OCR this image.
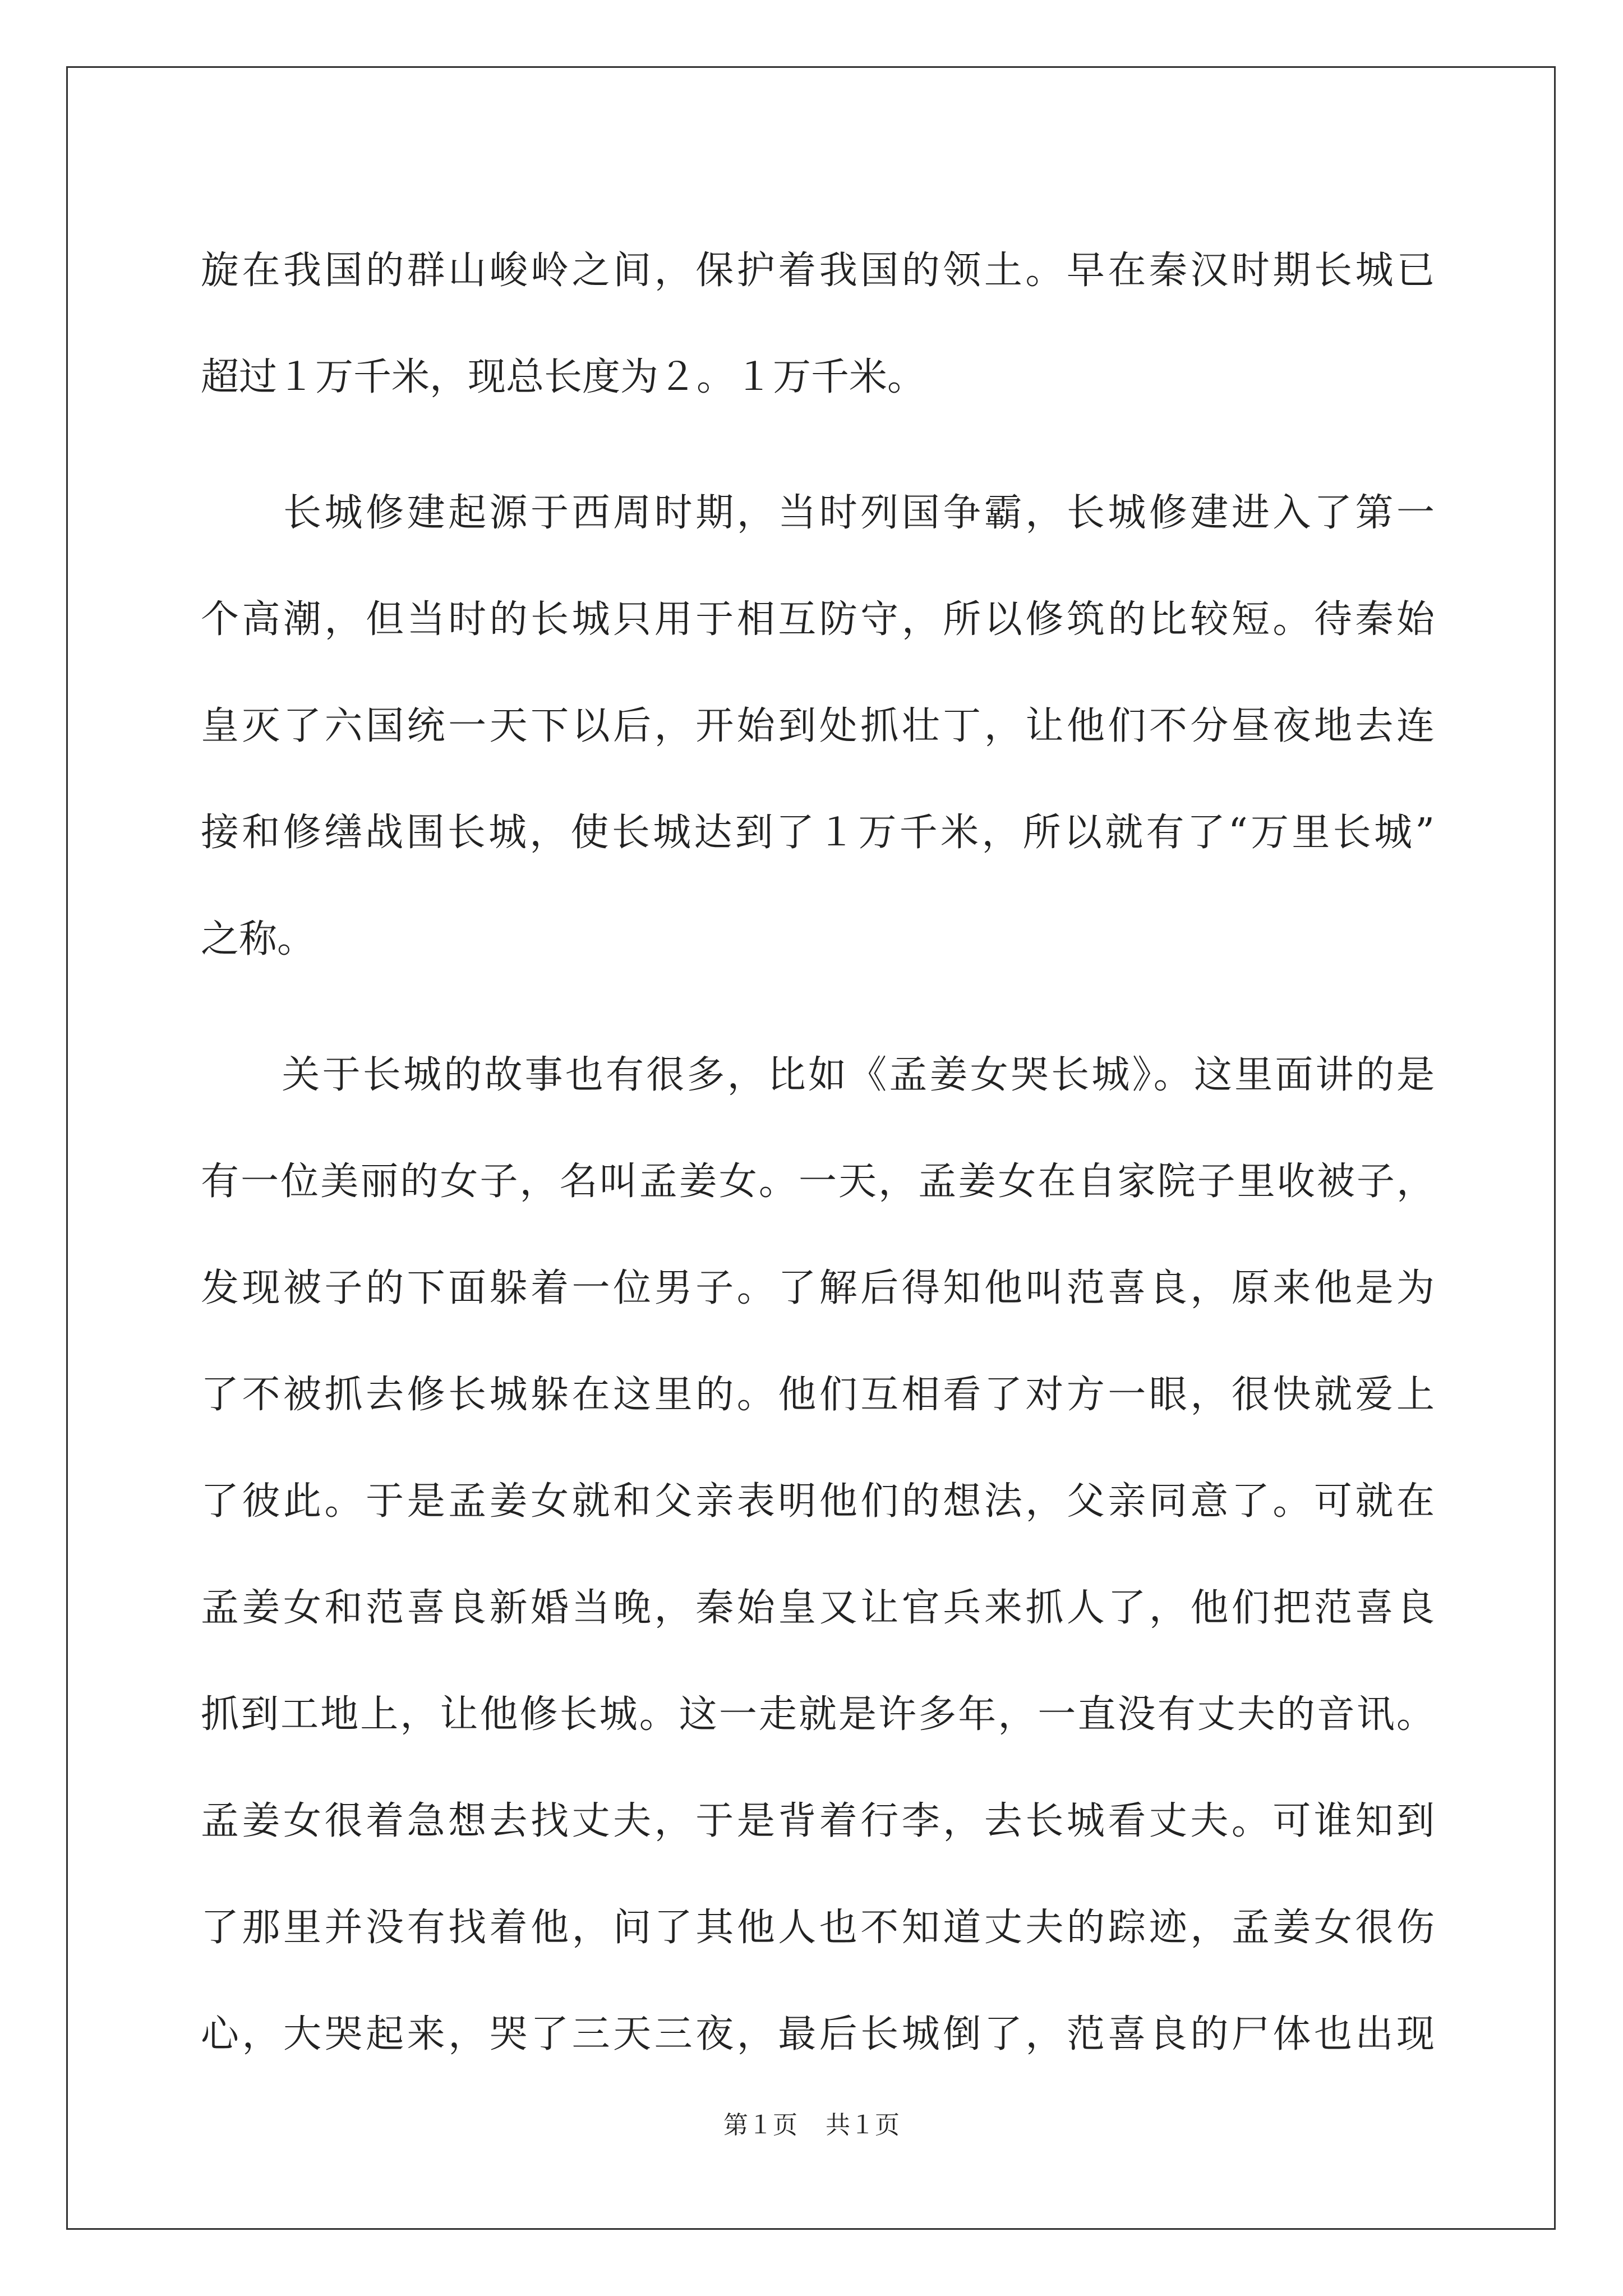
旋在我国的群山峻岭之间，保护着我国的领土。早在秦汉时期长城已
超过１万千米，现总长度为２。１万千米。
　　长城修建起源于西周时期，当时列国争霸，长城修建进入了第一
个高潮，但当时的长城只用于相互防守，所以修筑的比较短。待秦始
皇灭了六国统一天下以后，开始到处抓壮丁，让他们不分昼夜地去连
接和修缮战围长城，使长城达到了１万千米，所以就有了“万里长城”
之称。
　　关于长城的故事也有很多，比如《孟姜女哭长城》。这里面讲的是
有一位美丽的女子，名叫孟姜女。一天，孟姜女在自家院子里收被子，
发现被子的下面躲着一位男子。了解后得知他叫范喜良，原来他是为
了不被抓去修长城躲在这里的。他们互相看了对方一眼，很快就爱上
了彼此。于是孟姜女就和父亲表明他们的想法，父亲同意了。可就在
孟姜女和范喜良新婚当晚，秦始皇又让官兵来抓人了，他们把范喜良
抓到工地上，让他修长城。这一走就是许多年，一直没有丈夫的音讯。
孟姜女很着急想去找丈夫，于是背着行李，去长城看丈夫。可谁知到
了那里并没有找着他，问了其他人也不知道丈夫的踪迹，孟姜女很伤
心，大哭起来，哭了三天三夜，最后长城倒了，范喜良的尸体也出现
第１页 共１页
